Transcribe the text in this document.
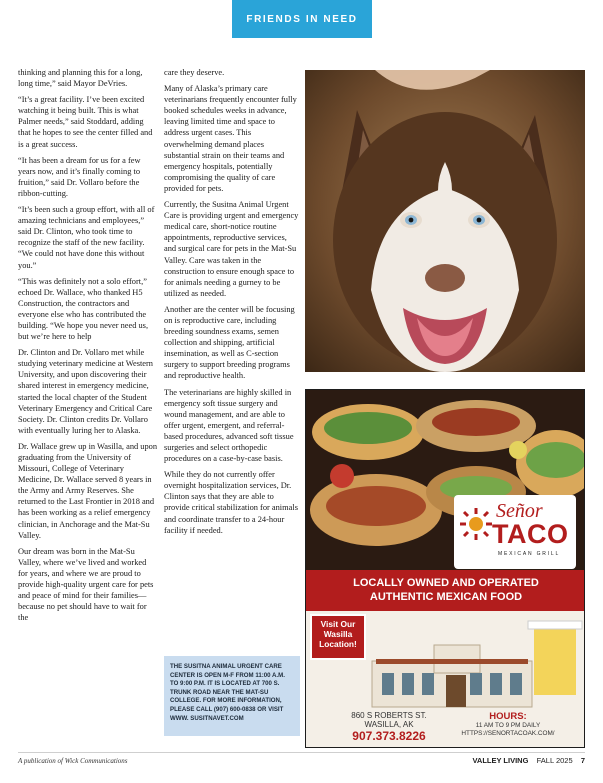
FRIENDS IN NEED

thinking and planning this for a long, long time,” said Mayor DeVries.

“It’s a great facility. I’ve been excited watching it being built. This is what Palmer needs,” said Stoddard, adding that he hopes to see the center filled and is a great success.

“It has been a dream for us for a few years now, and it’s finally coming to fruition,” said Dr. Vollaro before the ribbon-cutting.

“It’s been such a group effort, with all of amazing technicians and employees,” said Dr. Clinton, who took time to recognize the staff of the new facility. “We could not have done this without you.”

“This was definitely not a solo effort,” echoed Dr. Wallace, who thanked H5 Construction, the contractors and everyone else who has contributed the building. “We hope you never need us, but we’re here to help

Dr. Clinton and Dr. Vollaro met while studying veterinary medicine at Western University, and upon discovering their shared interest in emergency medicine, started the local chapter of the Student Veterinary Emergency and Critical Care Society. Dr. Clinton credits Dr. Vollaro with eventually luring her to Alaska.

Dr. Wallace grew up in Wasilla, and upon graduating from the University of Missouri, College of Veterinary Medicine, Dr. Wallace served 8 years in the Army and Army Reserves. She returned to the Last Frontier in 2018 and has been working as a relief emergency clinician, in Anchorage and the Mat-Su Valley.

Our dream was born in the Mat-Su Valley, where we’ve lived and worked for years, and where we are proud to provide high-quality urgent care for pets and peace of mind for their families—because no pet should have to wait for the

care they deserve.

Many of Alaska’s primary care veterinarians frequently encounter fully booked schedules weeks in advance, leaving limited time and space to address urgent cases. This overwhelming demand places substantial strain on their teams and emergency hospitals, potentially compromising the quality of care provided for pets.

Currently, the Susitna Animal Urgent Care is providing urgent and emergency medical care, short-notice routine appointments, reproductive services, and surgical care for pets in the Mat-Su Valley. Care was taken in the construction to ensure enough space to for animals needing a gurney to be utilized as needed.

Another are the center will be focusing on is reproductive care, including breeding soundness exams, semen collection and shipping, artificial insemination, as well as C-section surgery to support breeding programs and reproductive health.

The veterinarians are highly skilled in emergency soft tissue surgery and wound management, and are able to offer urgent, emergent, and referral-based procedures, advanced soft tissue surgeries and select orthopedic procedures on a case-by-case basis.

While they do not currently offer overnight hospitalization services, Dr. Clinton says that they are able to provide critical stabilization for animals and coordinate transfer to a 24-hour facility if needed.

THE SUSITNA ANIMAL URGENT CARE CENTER IS OPEN M-F FROM 11:00 A.M. TO 9:00 P.M. IT IS LOCATED AT 700 S. TRUNK ROAD NEAR THE MAT-SU COLLEGE. FOR MORE INFORMATION, PLEASE CALL (907) 600-0838 OR VISIT WWW. SUSITNAVET.COM
Señor
TACO
MEXICAN GRILL
LOCALLY OWNED AND OPERATED
AUTHENTIC MEXICAN FOOD
Visit Our
Wasilla
Location!
860 S ROBERTS ST.
WASILLA, AK
907.373.8226
HOURS:
11 AM TO 9 PM DAILY
HTTPS://SENORTACOAK.COM/
A publication of Wick Communications	VALLEY LIVING FALL 2025 7
